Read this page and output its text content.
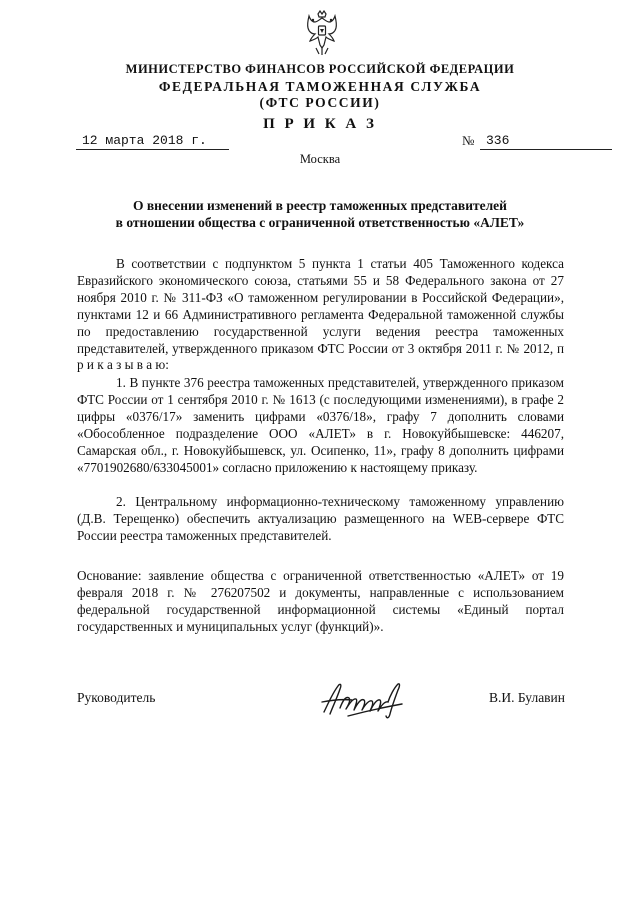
МИНИСТЕРСТВО ФИНАНСОВ РОССИЙСКОЙ ФЕДЕРАЦИИ
ФЕДЕРАЛЬНАЯ ТАМОЖЕННАЯ СЛУЖБА
(ФТС РОССИИ)
П Р И К А З
12 марта 2018 г.	№ 336
Москва
О внесении изменений в реестр таможенных представителей
в отношении общества с ограниченной ответственностью «АЛЕТ»

В соответствии с подпунктом 5 пункта 1 статьи 405 Таможенного кодекса Евразийского экономического союза, статьями 55 и 58 Федерального закона от 27 ноября 2010 г. № 311-ФЗ «О таможенном регулировании в Российской Федерации», пунктами 12 и 66 Административного регламента Федеральной таможенной службы по предоставлению государственной услуги ведения реестра таможенных представителей, утвержденного приказом ФТС России от 3 октября 2011 г. № 2012, п р и к а з ы в а ю:

1. В пункте 376 реестра таможенных представителей, утвержденного приказом ФТС России от 1 сентября 2010 г. № 1613 (с последующими изменениями), в графе 2 цифры «0376/17» заменить цифрами «0376/18», графу 7 дополнить словами «Обособленное подразделение ООО «АЛЕТ» в г. Новокуйбышевске: 446207, Самарская обл., г. Новокуйбышевск, ул. Осипенко, 11», графу 8 дополнить цифрами «7701902680/633045001» согласно приложению к настоящему приказу.

2. Центральному информационно-техническому таможенному управлению (Д.В. Терещенко) обеспечить актуализацию размещенного на WEB-сервере ФТС России реестра таможенных представителей.

Основание: заявление общества с ограниченной ответственностью «АЛЕТ» от 19 февраля 2018 г. № 276207502 и документы, направленные с использованием федеральной государственной информационной системы «Единый портал государственных и муниципальных услуг (функций)».

Руководитель	В.И. Булавин
